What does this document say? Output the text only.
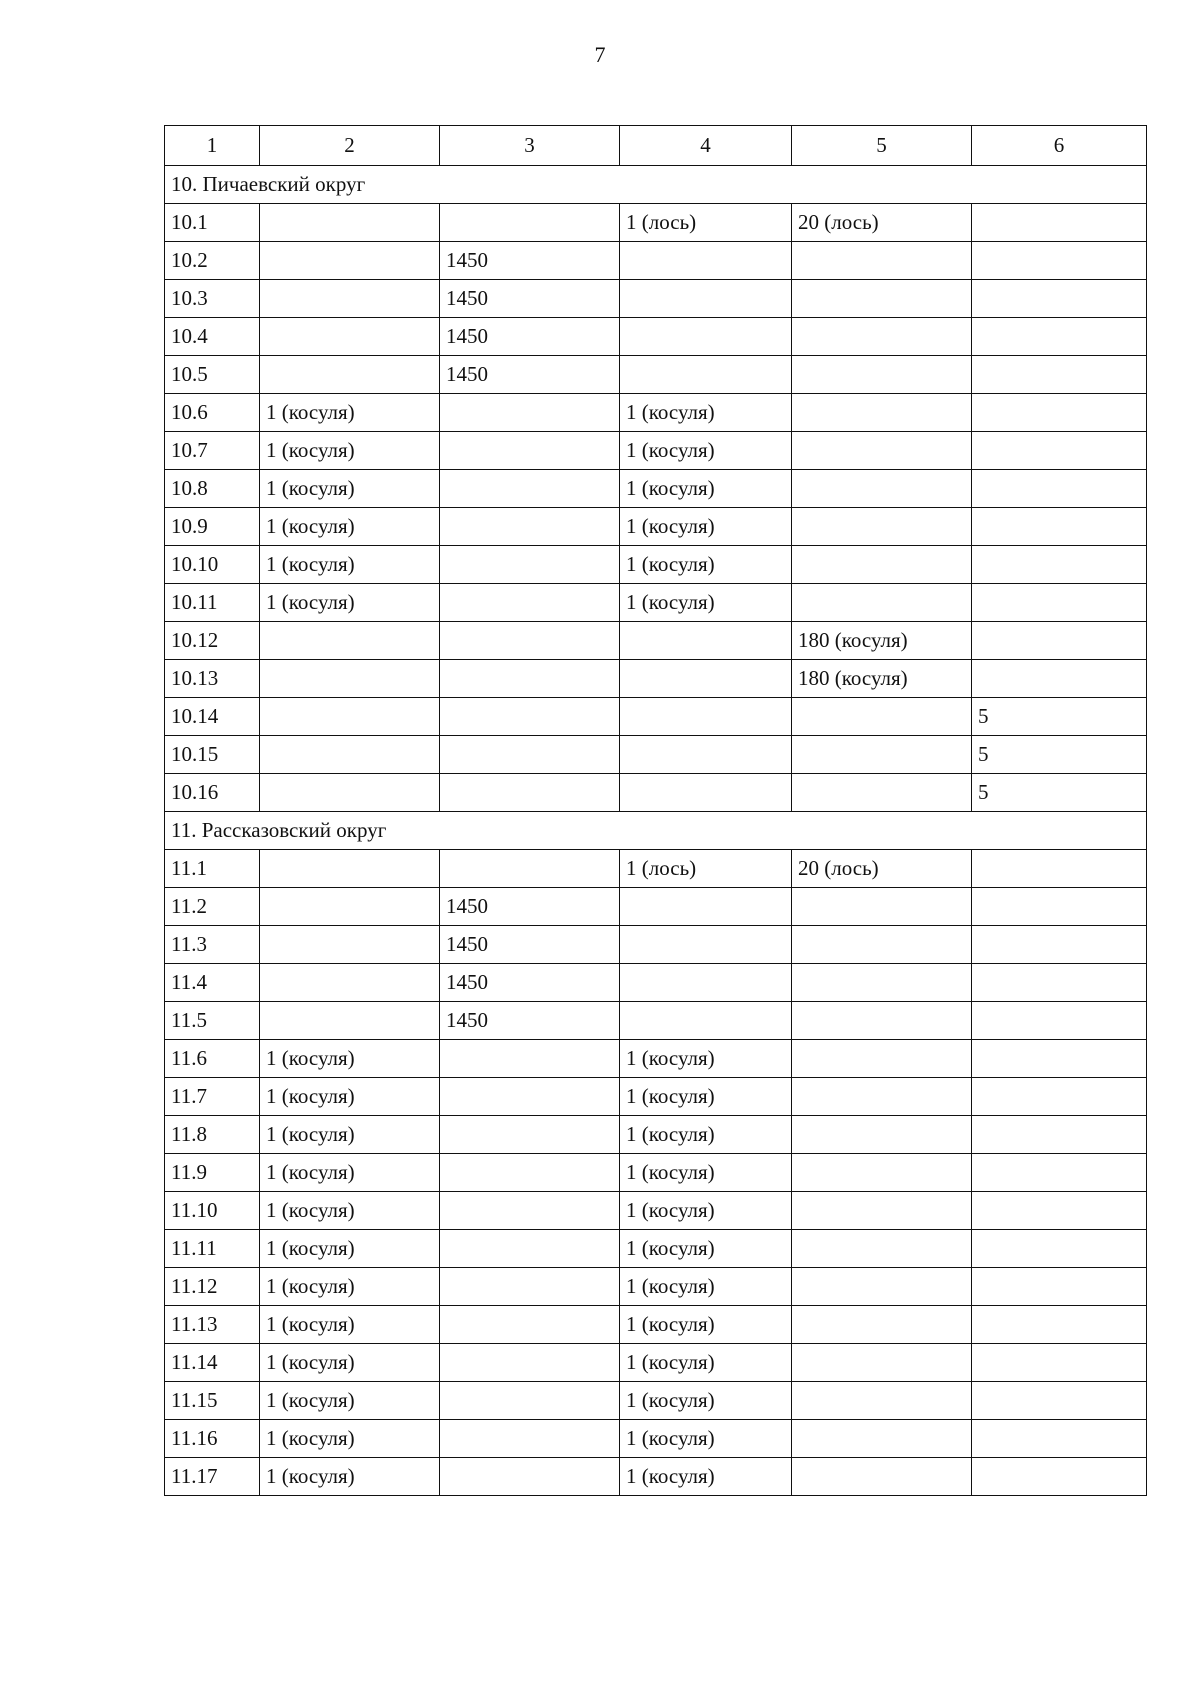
7
1	2	3	4	5	6
10. Пичаевский округ					
10.1			1 (лось)	20 (лось)	
10.2		1450			
10.3		1450			
10.4		1450			
10.5		1450			
10.6	1 (косуля)		1 (косуля)		
10.7	1 (косуля)		1 (косуля)		
10.8	1 (косуля)		1 (косуля)		
10.9	1 (косуля)		1 (косуля)		
10.10	1 (косуля)		1 (косуля)		
10.11	1 (косуля)		1 (косуля)		
10.12				180 (косуля)	
10.13				180 (косуля)	
10.14					5
10.15					5
10.16					5
11. Рассказовский округ					
11.1			1 (лось)	20 (лось)	
11.2		1450			
11.3		1450			
11.4		1450			
11.5		1450			
11.6	1 (косуля)		1 (косуля)		
11.7	1 (косуля)		1 (косуля)		
11.8	1 (косуля)		1 (косуля)		
11.9	1 (косуля)		1 (косуля)		
11.10	1 (косуля)		1 (косуля)		
11.11	1 (косуля)		1 (косуля)		
11.12	1 (косуля)		1 (косуля)		
11.13	1 (косуля)		1 (косуля)		
11.14	1 (косуля)		1 (косуля)		
11.15	1 (косуля)		1 (косуля)		
11.16	1 (косуля)		1 (косуля)		
11.17	1 (косуля)		1 (косуля)		
